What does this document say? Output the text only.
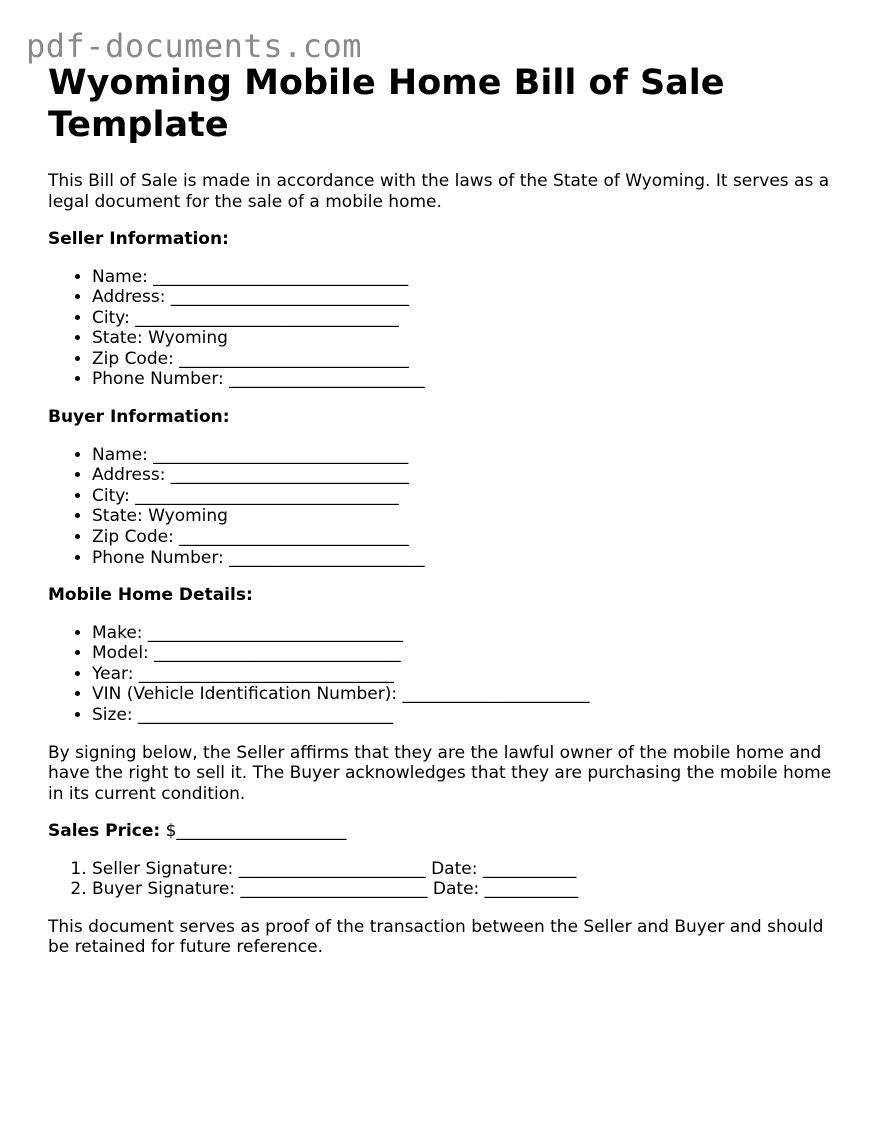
pdf-documents.com
Wyoming Mobile Home Bill of Sale Template

This Bill of Sale is made in accordance with the laws of the State of Wyoming. It serves as a legal document for the sale of a mobile home.

Seller Information:
• Name: ______________________________
• Address: ____________________________
• City: _______________________________
• State: Wyoming
• Zip Code: ___________________________
• Phone Number: _______________________
Buyer Information:
• Name: ______________________________
• Address: ____________________________
• City: _______________________________
• State: Wyoming
• Zip Code: ___________________________
• Phone Number: _______________________
Mobile Home Details:
• Make: ______________________________
• Model: _____________________________
• Year: ______________________________
• VIN (Vehicle Identification Number): ______________________
• Size: ______________________________

By signing below, the Seller affirms that they are the lawful owner of the mobile home and have the right to sell it. The Buyer acknowledges that they are purchasing the mobile home in its current condition.

Sales Price: $____________________

1. Seller Signature: ______________________ Date: ___________
2. Buyer Signature: ______________________ Date: ___________

This document serves as proof of the transaction between the Seller and Buyer and should be retained for future reference.
